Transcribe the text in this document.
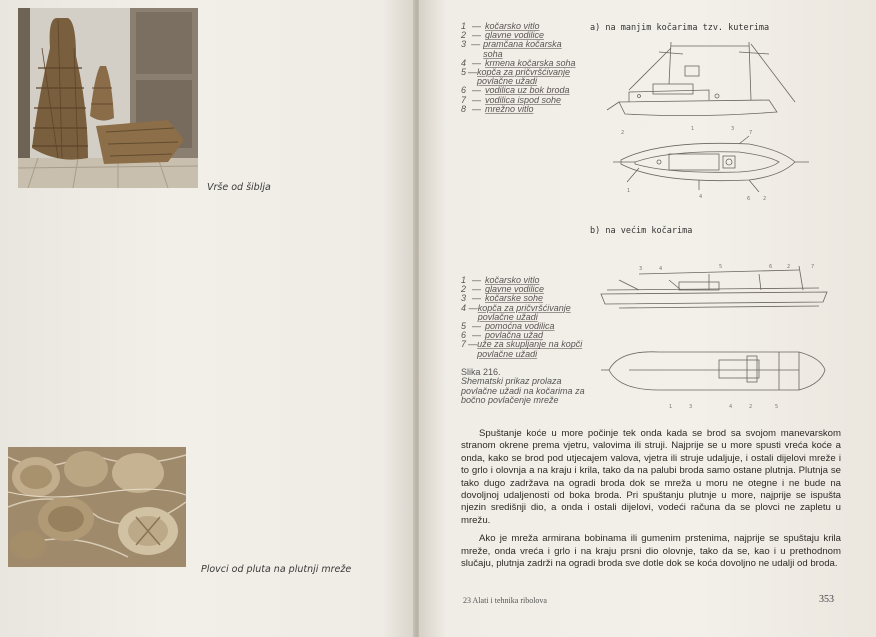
Vrše od šiblja
Plovci od pluta na plutnji mreže
1 — kočarsko vitlo
2 — glavne vodilice
3 — pramčana kočarska soha
4 — krmena kočarska soha
5 — kopča za pričvršćivanje povlačne užadi
6 — vodilica uz bok broda
7 — vodilica ispod sohe
8 — mrežno vitlo
a) na manjim kočarima tzv. kuterima
1	3
2	7
1
4	6	2
b) na većim kočarima
1 — kočarsko vitlo
2 — glavne vodilice
3 — kočarske sohe
4 — kopča za pričvršćivanje povlačne užadi
5 — pomoćna vodilica
6 — povlačna užad
7 — uže za skupljanje na kopči povlačne užadi
3	4	5	6	2	7
1	3	4	2	5
Slika 216.
Shematski prikaz prolaza povlačne užadi na kočarima za bočno povlačenje mreže

Spuštanje koće u more počinje tek onda kada se brod sa svojom manevarskom stranom okrene prema vjetru, valovima ili struji. Najprije se u more spusti vreća koće a onda, kako se brod pod utjecajem valova, vjetra ili struje udaljuje, i ostali dijelovi mreže i to grlo i olovnja a na kraju i krila, tako da na palubi broda samo ostane plutnja. Plutnja se tako dugo zadržava na ogradi broda dok se mreža u moru ne otegne i ne bude na dovoljnoj udaljenosti od boka broda. Pri spuštanju plutnje u more, najprije se ispušta njezin središnji dio, a onda i ostali dijelovi, vodeći računa da se plovci ne zapletu u mrežu.

Ako je mreža armirana bobinama ili gumenim prstenima, najprije se spuštaju krila mreže, onda vreća i grlo i na kraju prsni dio olovnje, tako da se, kao i u prethodnom slučaju, plutnja zadrži na ogradi broda sve dotle dok se koća dovoljno ne udalji od broda.

23 Alati i tehnika ribolova	353
